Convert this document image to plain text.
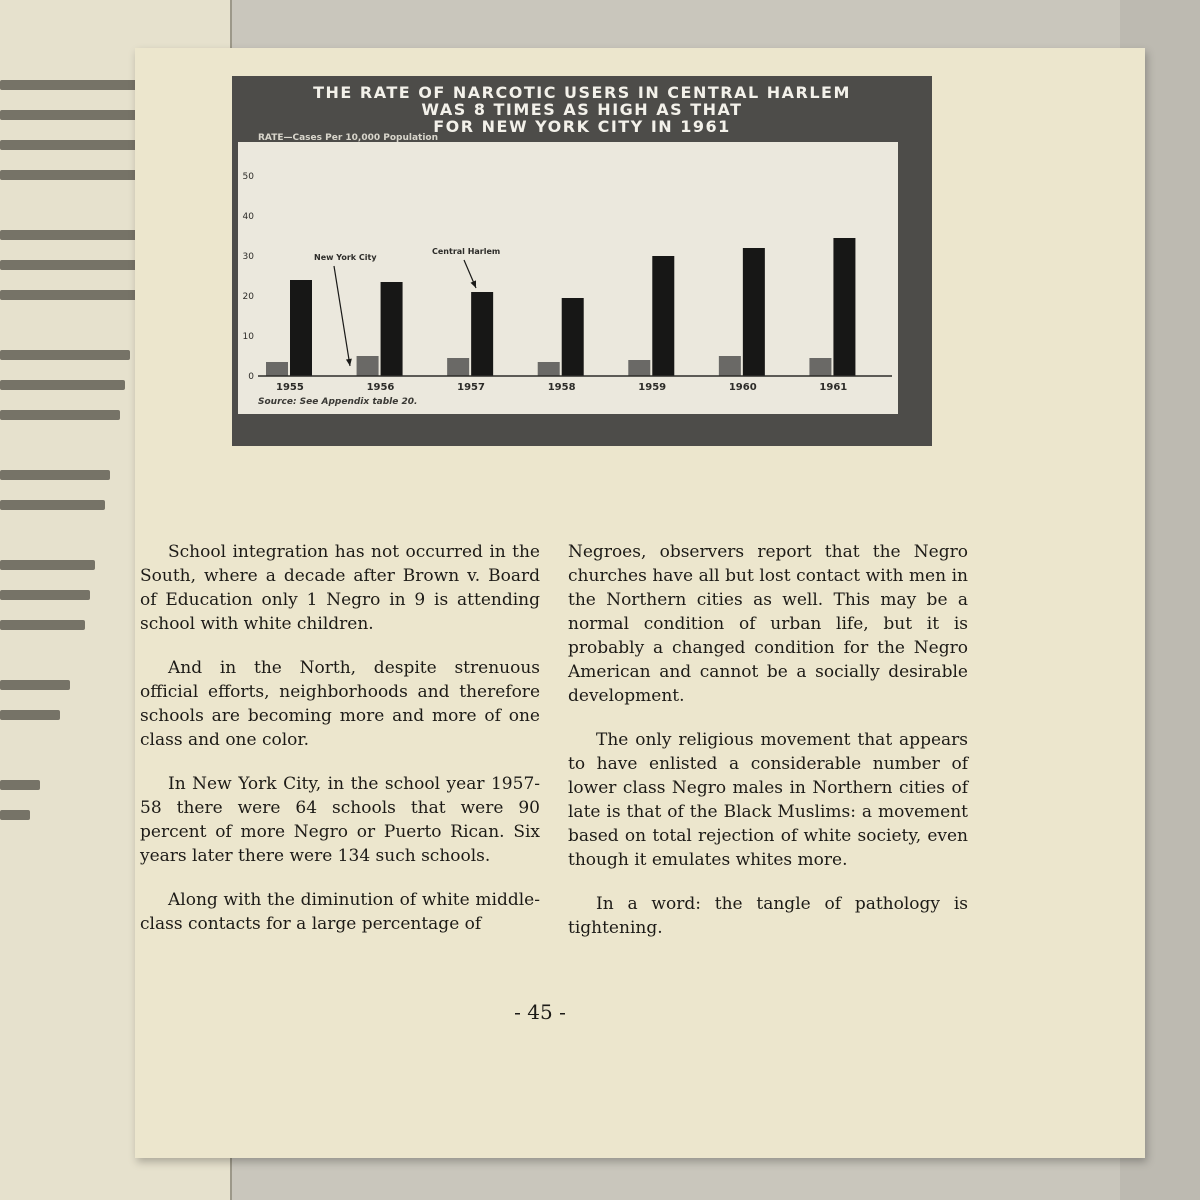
THE RATE OF NARCOTIC USERS IN CENTRAL HARLEM
WAS 8 TIMES AS HIGH AS THAT
FOR NEW YORK CITY IN 1961
RATE—Cases Per 10,000 Population
0
10
20
30
40
50
1955	1956	1957	1958	1959	1960	1961
New York City
Central Harlem
Source: See Appendix table 20.

School integration has not occurred in the South, where a decade after Brown v. Board of Education only 1 Negro in 9 is attending school with white children.

And in the North, despite strenuous official efforts, neighborhoods and therefore schools are becoming more and more of one class and one color.

In New York City, in the school year 1957-58 there were 64 schools that were 90 percent of more Negro or Puerto Rican. Six years later there were 134 such schools.

Along with the diminution of white middle-class contacts for a large percentage of

Negroes, observers report that the Negro churches have all but lost contact with men in the Northern cities as well. This may be a normal condition of urban life, but it is probably a changed condition for the Negro American and cannot be a socially desirable development.

The only religious movement that appears to have enlisted a considerable number of lower class Negro males in Northern cities of late is that of the Black Muslims: a movement based on total rejection of white society, even though it emulates whites more.

In a word: the tangle of pathology is tightening.

- 45 -
